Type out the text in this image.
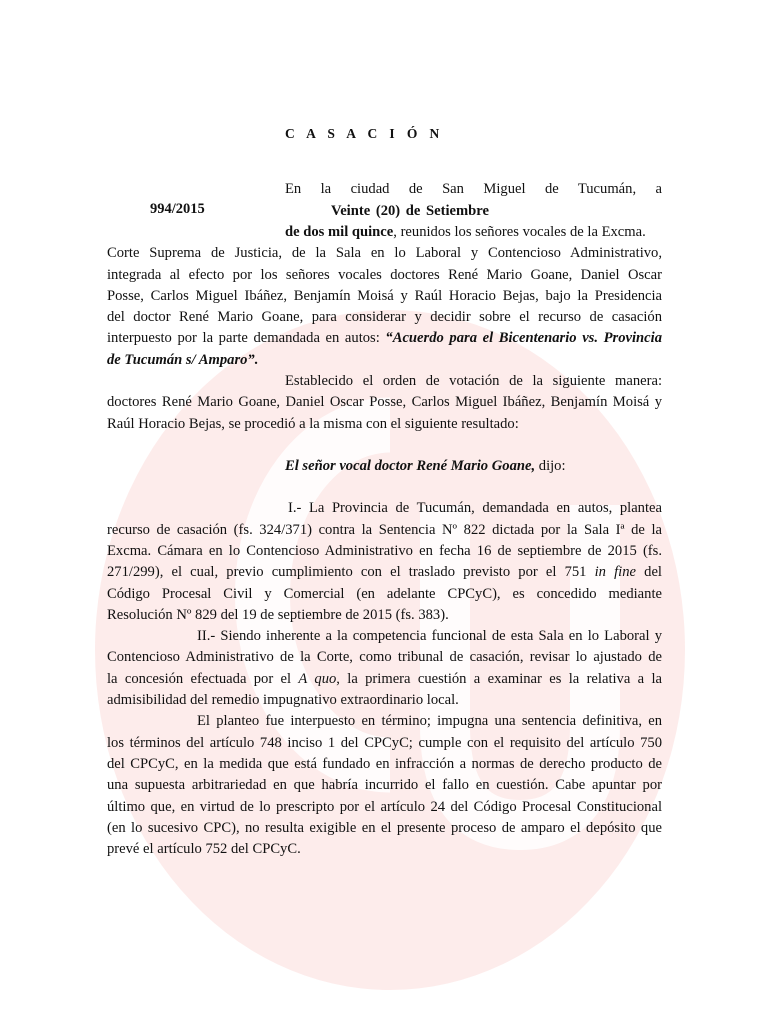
C A S A C I Ó N
994/2015
En la ciudad de San Miguel de Tucumán, a
Veinte (20) de Setiembre
de dos mil quince, reunidos los señores vocales de la Excma.
Corte Suprema de Justicia, de la Sala en lo Laboral y Contencioso Administrativo,
integrada al efecto por los señores vocales doctores René Mario Goane, Daniel Oscar
Posse, Carlos Miguel Ibáñez, Benjamín Moisá y Raúl Horacio Bejas, bajo la Presidencia
del doctor René Mario Goane, para considerar y decidir sobre el recurso de casación
interpuesto por la parte demandada en autos: “Acuerdo para el Bicentenario vs. Provincia
de Tucumán s/ Amparo”.
Establecido el orden de votación de la siguiente manera:
doctores René Mario Goane, Daniel Oscar Posse, Carlos Miguel Ibáñez, Benjamín Moisá y
Raúl Horacio Bejas, se procedió a la misma con el siguiente resultado:
El señor vocal doctor René Mario Goane, dijo:
I.- La Provincia de Tucumán, demandada en autos, plantea
recurso de casación (fs. 324/371) contra la Sentencia Nº 822 dictada por la Sala Iª de la
Excma. Cámara en lo Contencioso Administrativo en fecha 16 de septiembre de 2015 (fs.
271/299), el cual, previo cumplimiento con el traslado previsto por el 751 in fine del
Código Procesal Civil y Comercial (en adelante CPCyC), es concedido mediante
Resolución Nº 829 del 19 de septiembre de 2015 (fs. 383).
II.- Siendo inherente a la competencia funcional de esta Sala en lo Laboral y
Contencioso Administrativo de la Corte, como tribunal de casación, revisar lo ajustado de
la concesión efectuada por el A quo, la primera cuestión a examinar es la relativa a la
admisibilidad del remedio impugnativo extraordinario local.
El planteo fue interpuesto en término; impugna una sentencia definitiva, en
los términos del artículo 748 inciso 1 del CPCyC; cumple con el requisito del artículo 750
del CPCyC, en la medida que está fundado en infracción a normas de derecho producto de
una supuesta arbitrariedad en que habría incurrido el fallo en cuestión. Cabe apuntar por
último que, en virtud de lo prescripto por el artículo 24 del Código Procesal Constitucional
(en lo sucesivo CPC), no resulta exigible en el presente proceso de amparo el depósito que
prevé el artículo 752 del CPCyC.
